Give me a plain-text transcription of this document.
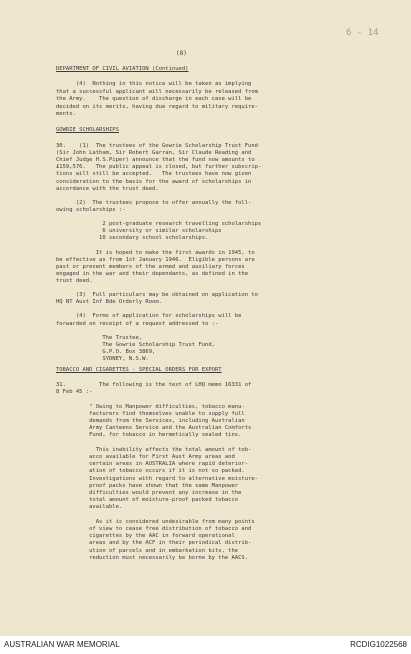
6 - 14
(8)
DEPARTMENT OF CIVIL AVIATION (Continued)
(4)  Nothing in this notice will be taken as implying
that a successful applicant will necessarily be released from
the Army.    The question of discharge in each case will be
decided on its merits, having due regard to military require-
ments.
GOWRIE SCHOLARSHIPS
30.    (1)  The trustees of the Gowrie Scholarship Trust Fund
(Sir John Latham, Sir Robert Garran, Sir Claude Reading and
Chief Judge H.S.Piper) announce that the fund now amounts to
£159,576.   The public appeal is closed, but further subscrip-
tions will still be accepted.   The trustees have now given
consideration to the basis for the award of scholarships in
accordance with the trust deed.
(2)  The trustees propose to offer annually the foll-
owing scholarships :-
2 post-graduate research travelling scholarships
6 university or similar scholarships
10 secondary school scholarships.
It is hoped to make the first awards in 1945, to
be effective as from 1st January 1946.  Eligible persons are
past or present members of the armed and auxiliary forces
engaged in the war and their dependants, as defined in the
trust deed.
(3)  Full particulars may be obtained on application to
HQ NT Aust Inf Bde Orderly Room.
(4)  Forms of application for scholarships will be
forwarded on receipt of a request addressed to :-
The Trustee,
The Gowrie Scholarship Trust Fund,
G.P.O. Box 3869,
SYDNEY, N.S.W.
TOBACCO AND CIGARETTES - SPECIAL ORDERS FOR EXPORT
31.          The following is the text of LHQ memo 16331 of
8 Feb 45 :-
" Owing to Manpower difficulties, tobacco manu-
facturers find themselves unable to supply full
demands from the Services, including Australian
Army Canteens Service and the Australian Comforts
Fund, for tobacco in hermetically sealed tins.
This inability affects the total amount of tob-
acco available for First Aust Army areas and
certain areas in AUSTRALIA where rapid deterior-
ation of tobacco occurs if it is not so packed.
Investigations with regard to alternative moisture-
proof packs have shown that the same Manpower
difficulties would prevent any increase in the
total amount of moisture-proof packed tobacco
available.
As it is considered undesirable from many points
of view to cease free distribution of tobacco and
cigarettes by the AAC in forward operational
areas and by the ACF in their periodical distrib-
ution of parcels and in embarkation kits, the
reduction must necessarily be borne by the AACS.
AUSTRALIAN WAR MEMORIAL	RCDIG1022568
